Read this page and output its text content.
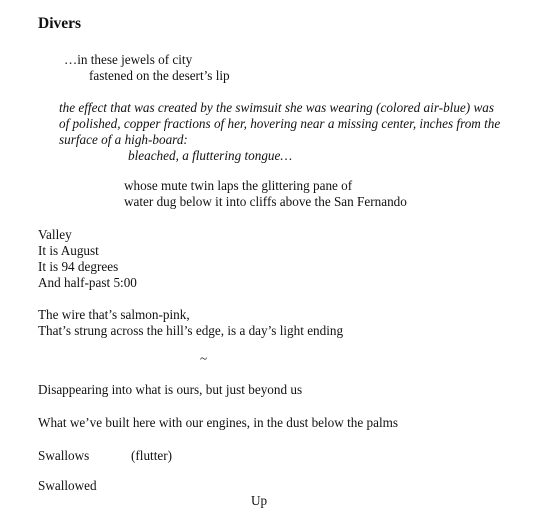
Divers
…in these jewels of city
fastened on the desert’s lip
the effect that was created by the swimsuit she was wearing (colored air-blue) was
of polished, copper fractions of her, hovering near a missing center, inches from the
surface of a high-board:
bleached, a fluttering tongue…
whose mute twin laps the glittering pane of
water dug below it into cliffs above the San Fernando
Valley
It is August
It is 94 degrees
And half-past 5:00
The wire that’s salmon-pink,
That’s strung across the hill’s edge, is a day’s light ending
~
Disappearing into what is ours, but just beyond us
What we’ve built here with our engines, in the dust below the palms
Swallows	(flutter)
Swallowed
Up
